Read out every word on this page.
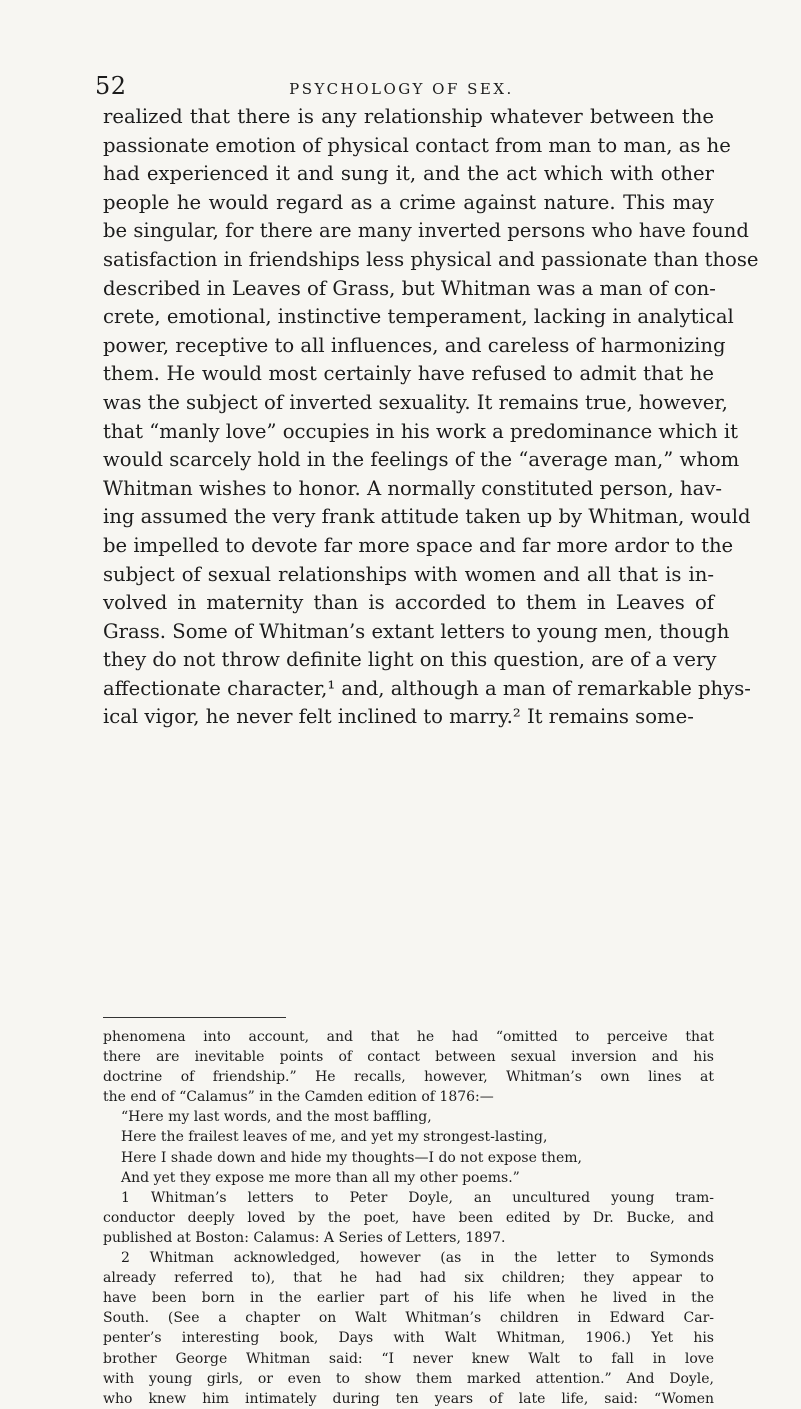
52	PSYCHOLOGY OF SEX.
realized that there is any relationship whatever between the
passionate emotion of physical contact from man to man, as he
had experienced it and sung it, and the act which with other
people he would regard as a crime against nature. This may
be singular, for there are many inverted persons who have found
satisfaction in friendships less physical and passionate than those
described in Leaves of Grass, but Whitman was a man of con-
crete, emotional, instinctive temperament, lacking in analytical
power, receptive to all influences, and careless of harmonizing
them. He would most certainly have refused to admit that he
was the subject of inverted sexuality. It remains true, however,
that “manly love” occupies in his work a predominance which it
would scarcely hold in the feelings of the “average man,” whom
Whitman wishes to honor. A normally constituted person, hav-
ing assumed the very frank attitude taken up by Whitman, would
be impelled to devote far more space and far more ardor to the
subject of sexual relationships with women and all that is in-
volved in maternity than is accorded to them in Leaves of
Grass. Some of Whitman’s extant letters to young men, though
they do not throw definite light on this question, are of a very
affectionate character,¹ and, although a man of remarkable phys-
ical vigor, he never felt inclined to marry.² It remains some-
phenomena into account, and that he had “omitted to perceive that
there are inevitable points of contact between sexual inversion and his
doctrine of friendship.” He recalls, however, Whitman’s own lines at
the end of “Calamus” in the Camden edition of 1876:—
“Here my last words, and the most baffling,
Here the frailest leaves of me, and yet my strongest-lasting,
Here I shade down and hide my thoughts—I do not expose them,
And yet they expose me more than all my other poems.”
1 Whitman’s letters to Peter Doyle, an uncultured young tram-
conductor deeply loved by the poet, have been edited by Dr. Bucke, and
published at Boston: Calamus: A Series of Letters, 1897.
2 Whitman acknowledged, however (as in the letter to Symonds
already referred to), that he had had six children; they appear to
have been born in the earlier part of his life when he lived in the
South. (See a chapter on Walt Whitman’s children in Edward Car-
penter’s interesting book, Days with Walt Whitman, 1906.) Yet his
brother George Whitman said: “I never knew Walt to fall in love
with young girls, or even to show them marked attention.” And Doyle,
who knew him intimately during ten years of late life, said: “Women
